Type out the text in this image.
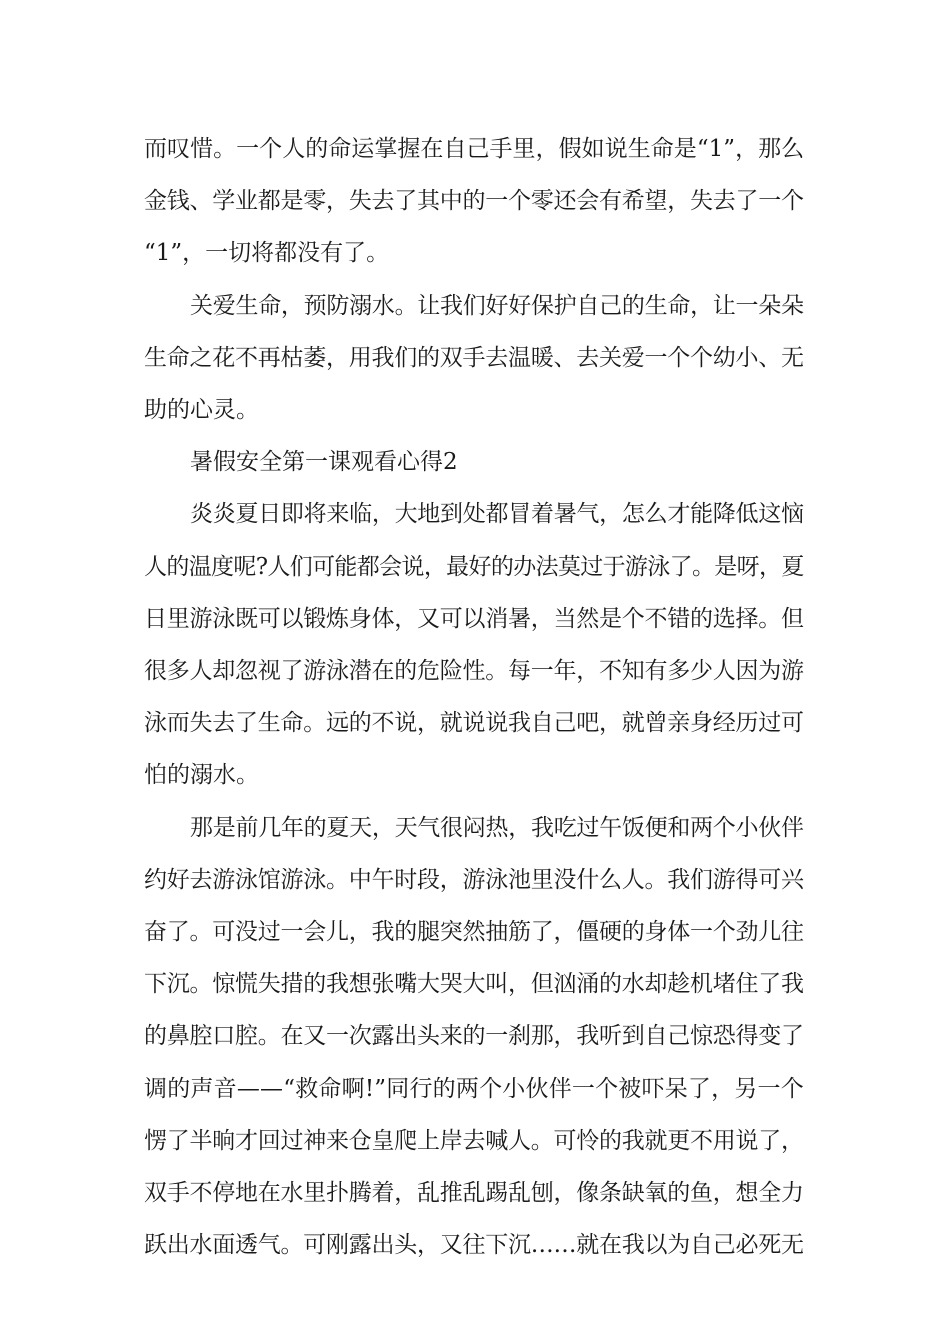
而叹惜。一个人的命运掌握在自己手里，假如说生命是“1”，那么
金钱、学业都是零，失去了其中的一个零还会有希望，失去了一个
“1”，一切将都没有了。
关爱生命，预防溺水。让我们好好保护自己的生命，让一朵朵
生命之花不再枯萎，用我们的双手去温暖、去关爱一个个幼小、无
助的心灵。
暑假安全第一课观看心得2
炎炎夏日即将来临，大地到处都冒着暑气，怎么才能降低这恼
人的温度呢?人们可能都会说，最好的办法莫过于游泳了。是呀，夏
日里游泳既可以锻炼身体，又可以消暑，当然是个不错的选择。但
很多人却忽视了游泳潜在的危险性。每一年，不知有多少人因为游
泳而失去了生命。远的不说，就说说我自己吧，就曾亲身经历过可
怕的溺水。
那是前几年的夏天，天气很闷热，我吃过午饭便和两个小伙伴
约好去游泳馆游泳。中午时段，游泳池里没什么人。我们游得可兴
奋了。可没过一会儿，我的腿突然抽筋了，僵硬的身体一个劲儿往
下沉。惊慌失措的我想张嘴大哭大叫，但汹涌的水却趁机堵住了我
的鼻腔口腔。在又一次露出头来的一刹那，我听到自己惊恐得变了
调的声音——“救命啊!”同行的两个小伙伴一个被吓呆了，另一个
愣了半晌才回过神来仓皇爬上岸去喊人。可怜的我就更不用说了，
双手不停地在水里扑腾着，乱推乱踢乱刨，像条缺氧的鱼，想全力
跃出水面透气。可刚露出头，又往下沉……就在我以为自己必死无
